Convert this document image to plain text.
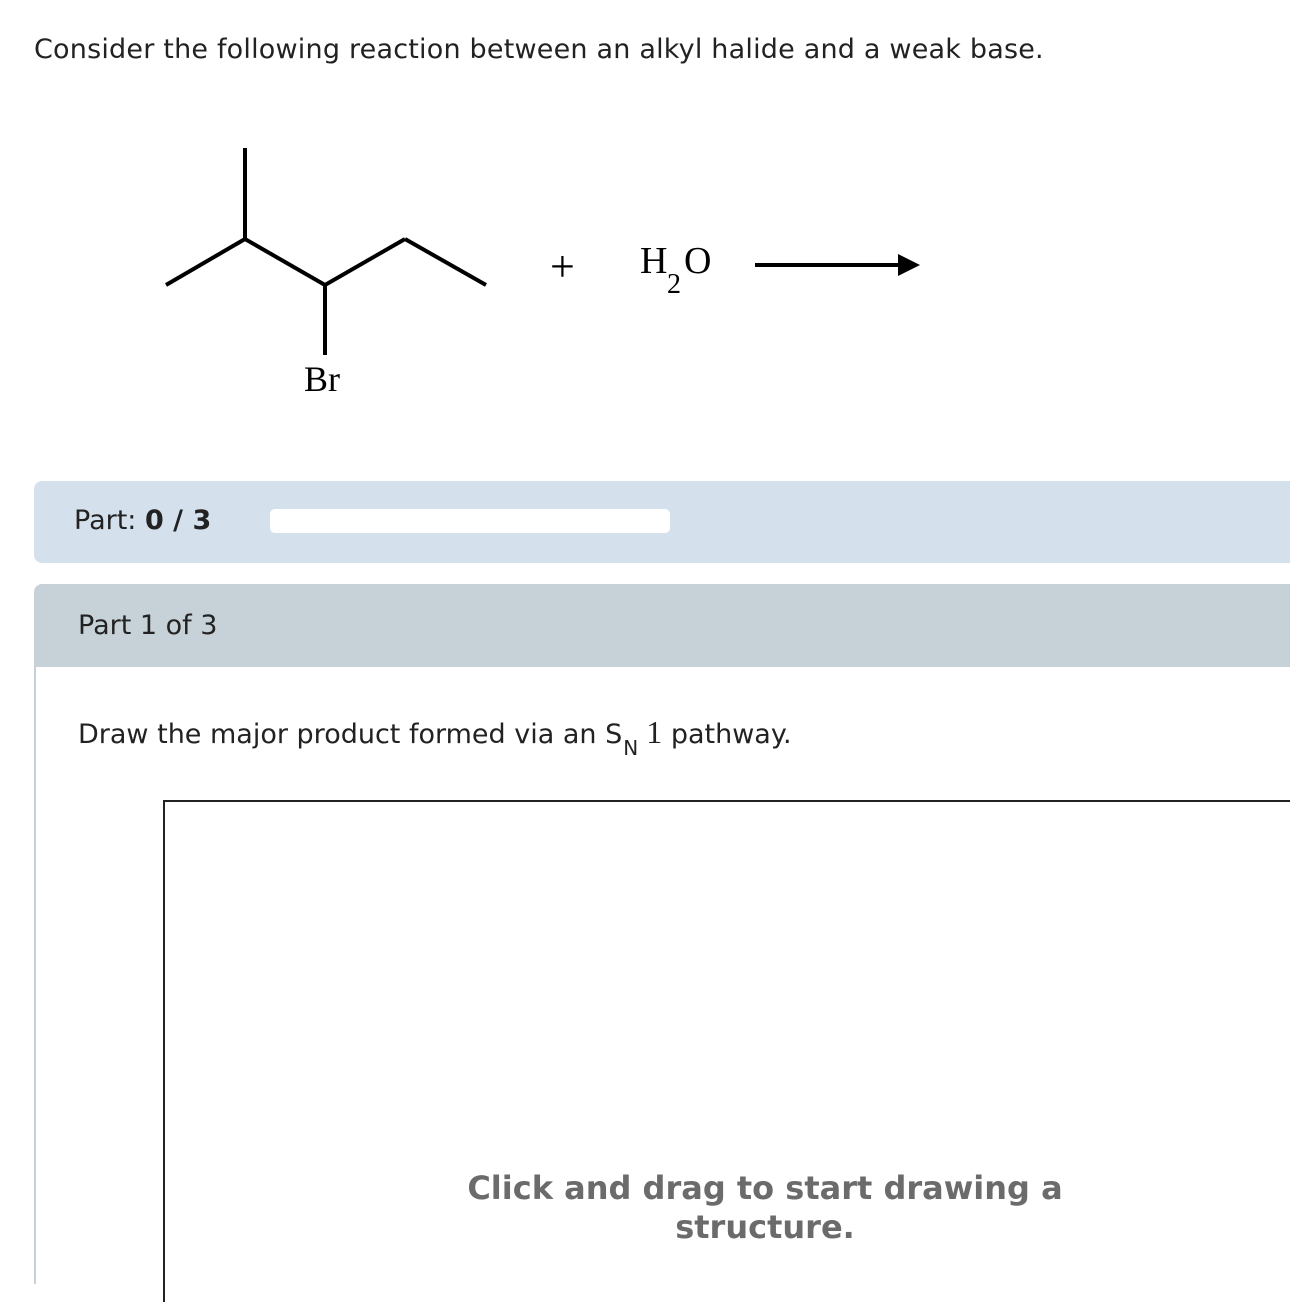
Consider the following reaction between an alkyl halide and a weak base.
Br
+ H
2
O
Part: 0 / 3
Part 1 of 3
Draw the major product formed via an $S_N$ 1 pathway.
Click and drag to start drawing a structure.
